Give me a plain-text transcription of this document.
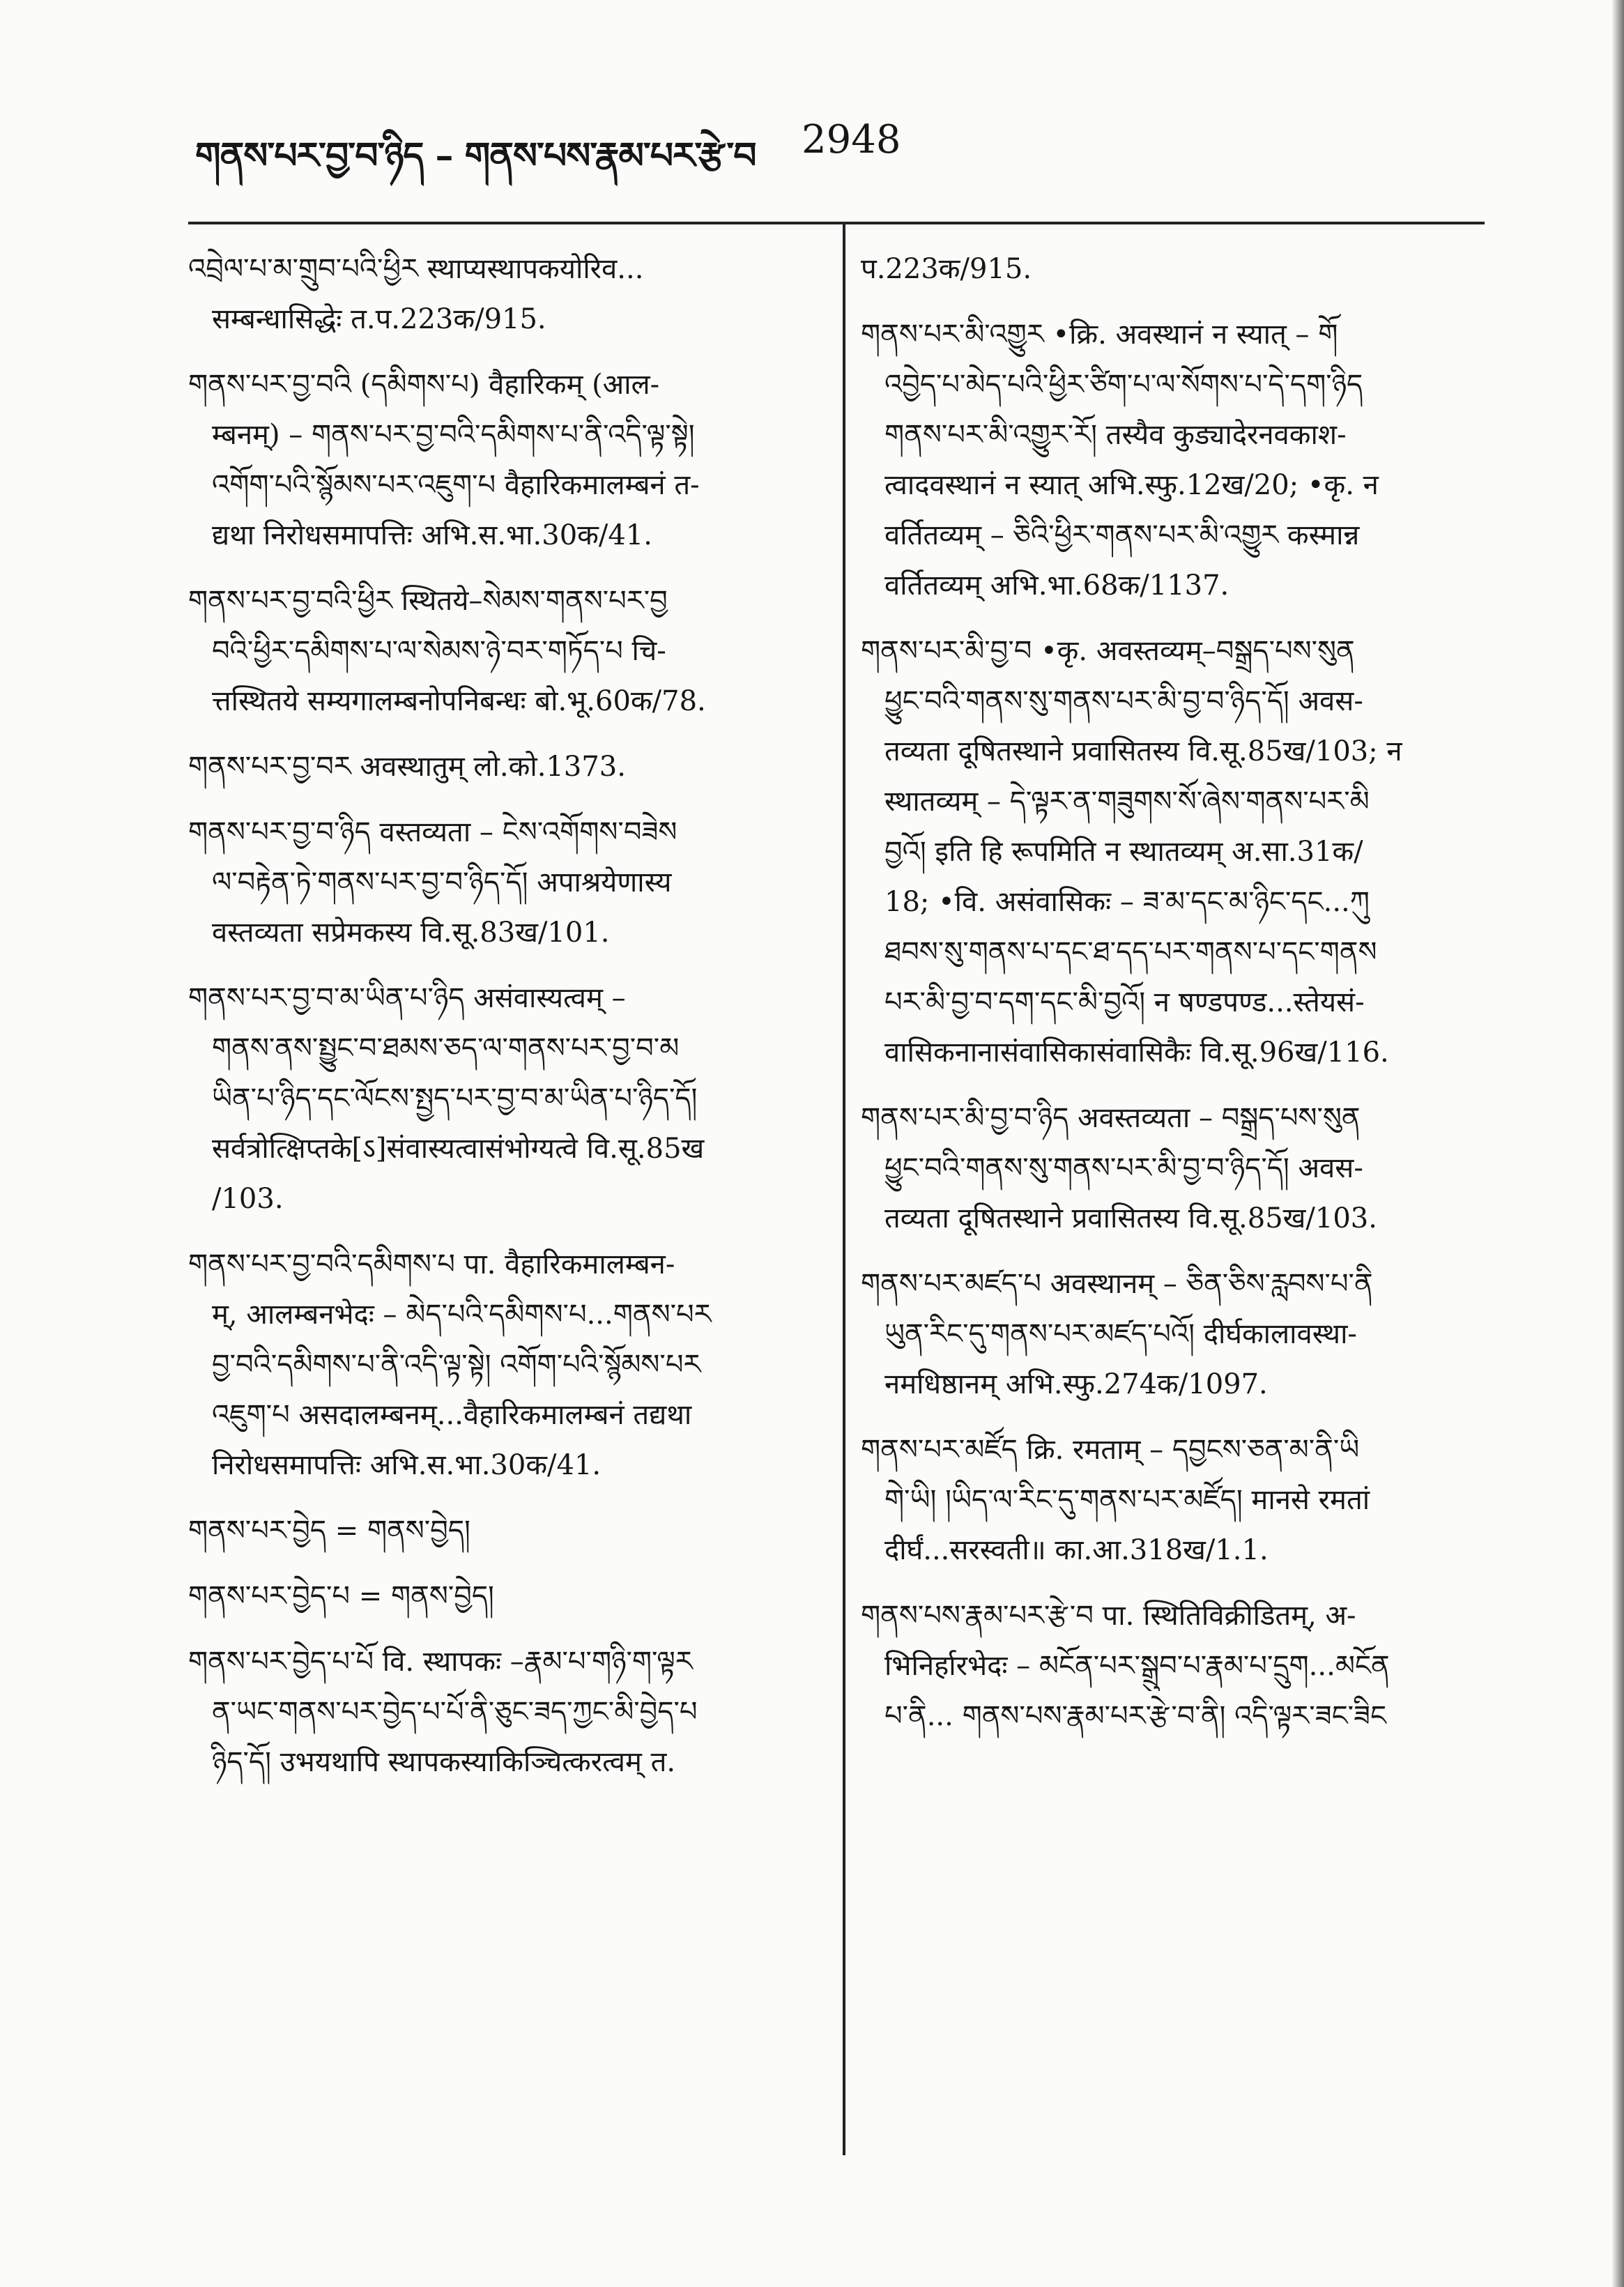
གནས་པར་བྱ་བ་ཉིད – གནས་པས་རྣམ་པར་རྩེ་བ 2948
འབྲེལ་པ་མ་གྲུབ་པའི་ཕྱིར स्थाप्यस्थापकयोरिव...
सम्बन्धासिद्धेः त.प.223क/915.
གནས་པར་བྱ་བའི (དམིགས་པ) वैहारिकम् (आल-
म्बनम्) – གནས་པར་བྱ་བའི་དམིགས་པ་ནི་འདི་ལྟ་སྟེ།
འགོག་པའི་སྙོམས་པར་འཇུག་པ वैहारिकमालम्बनं त-
द्यथा निरोधसमापत्तिः अभि.स.भा.30क/41.
གནས་པར་བྱ་བའི་ཕྱིར स्थितये–སེམས་གནས་པར་བྱ
བའི་ཕྱིར་དམིགས་པ་ལ་སེམས་ཉེ་བར་གཏོད་པ चि-
त्तस्थितये सम्यगालम्बनोपनिबन्धः बो.भू.60क/78.
གནས་པར་བྱ་བར अवस्थातुम् लो.को.1373.
གནས་པར་བྱ་བ་ཉིད वस्तव्यता – ངེས་འགོགས་བཟེས
ལ་བརྟེན་ཏེ་གནས་པར་བྱ་བ་ཉིད་དོ། अपाश्रयेणास्य
वस्तव्यता सप्रेमकस्य वि.सू.83ख/101.
གནས་པར་བྱ་བ་མ་ཡིན་པ་ཉིད असंवास्यत्वम् –
གནས་ནས་སྤྱུང་བ་ཐམས་ཅད་ལ་གནས་པར་བྱ་བ་མ
ཡིན་པ་ཉིད་དང་ལོངས་སྤྱད་པར་བྱ་བ་མ་ཡིན་པ་ཉིད་དོ།
सर्वत्रोत्क्षिप्तके[ऽ]संवास्यत्वासंभोग्यत्वे वि.सू.85ख
/103.
གནས་པར་བྱ་བའི་དམིགས་པ पा. वैहारिकमालम्बन-
म्, आलम्बनभेदः – མེད་པའི་དམིགས་པ...གནས་པར
བྱ་བའི་དམིགས་པ་ནི་འདི་ལྟ་སྟེ། འགོག་པའི་སྙོམས་པར
འཇུག་པ असदालम्बनम्...वैहारिकमालम्बनं तद्यथा
निरोधसमापत्तिः अभि.स.भा.30क/41.
གནས་པར་བྱེད = གནས་བྱེད།
གནས་པར་བྱེད་པ = གནས་བྱེད།
གནས་པར་བྱེད་པ་པོ वि. स्थापकः –རྣམ་པ་གཉི་ག་ལྟར
ན་ཡང་གནས་པར་བྱེད་པ་པོ་ནི་ཅུང་ཟད་ཀྱང་མི་བྱེད་པ
ཉིད་དོ། उभयथापि स्थापकस्याकिञ्चित्करत्वम् त.
प.223क/915.
གནས་པར་མི་འགྱུར •क्रि. अवस्थानं न स्यात् – གོ
འབྱེད་པ་མེད་པའི་ཕྱིར་ཙིག་པ་ལ་སོགས་པ་དེ་དག་ཉིད
གནས་པར་མི་འགྱུར་རོ། तस्यैव कुड्यादेरनवकाश-
त्वादवस्थानं न स्यात् अभि.स्फु.12ख/20; •कृ. न
वर्तितव्यम् – ཅིའི་ཕྱིར་གནས་པར་མི་འགྱུར कस्मान्न
वर्तितव्यम् अभि.भा.68क/1137.
གནས་པར་མི་བྱ་བ •कृ. अवस्तव्यम्–བསྒྲད་པས་སུན
ཕྱུང་བའི་གནས་སུ་གནས་པར་མི་བྱ་བ་ཉིད་དོ། अवस-
तव्यता दूषितस्थाने प्रवासितस्य वि.सू.85ख/103; न
स्थातव्यम् – དེ་ལྟར་ན་གཟུགས་སོ་ཞེས་གནས་པར་མི
བྱའོ། इति हि रूपमिति न स्थातव्यम् अ.सा.31क/
18; •वि. असंवासिकः – ཟ་མ་དང་མ་ཉིང་དང...ཀུ
ཐབས་སུ་གནས་པ་དང་ཐ་དད་པར་གནས་པ་དང་གནས
པར་མི་བྱ་བ་དག་དང་མི་བྱའོ། न षण्डपण्ड...स्तेयसं-
वासिकनानासंवासिकासंवासिकैः वि.सू.96ख/116.
གནས་པར་མི་བྱ་བ་ཉིད अवस्तव्यता – བསྒྲད་པས་སུན
ཕྱུང་བའི་གནས་སུ་གནས་པར་མི་བྱ་བ་ཉིད་དོ། अवस-
तव्यता दूषितस्थाने प्रवासितस्य वि.सू.85ख/103.
གནས་པར་མཛད་པ अवस्थानम् – ཅིན་ཅིས་རླབས་པ་ནི
ཡུན་རིང་དུ་གནས་པར་མཛད་པའོ། दीर्घकालावस्था-
नमधिष्ठानम् अभि.स्फु.274क/1097.
གནས་པར་མཛོད क्रि. रमताम् – དབྱངས་ཅན་མ་ནི་ཡི
གེ་ཡི། །ཡིད་ལ་རིང་དུ་གནས་པར་མཛོད། मानसे रमतां
दीर्घं...सरस्वती॥ का.आ.318ख/1.1.
གནས་པས་རྣམ་པར་རྩེ་བ पा. स्थितिविक्रीडितम्, अ-
भिनिर्हारभेदः – མངོན་པར་སྒྲུབ་པ་རྣམ་པ་དྲུག...མངོན
པ་ནི... གནས་པས་རྣམ་པར་རྩེ་བ་ནི། འདི་ལྟར་ཟང་ཟིང
